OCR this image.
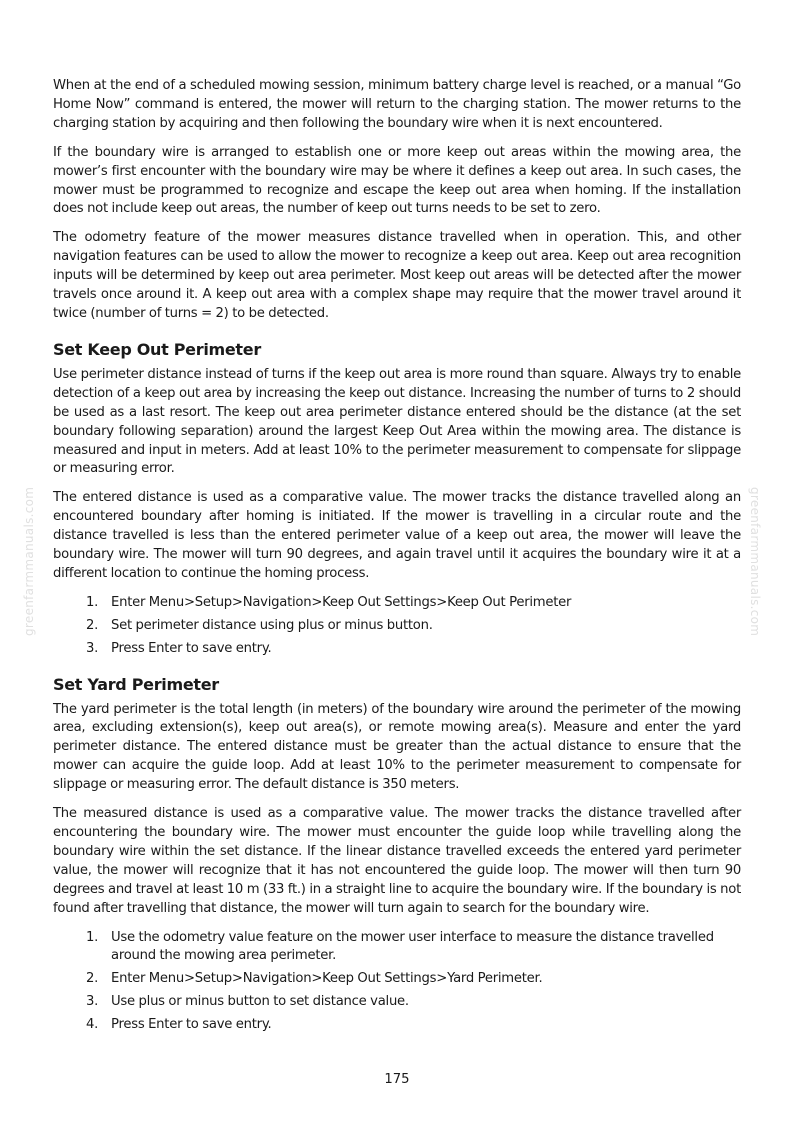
greenfarmmanuals.com	greenfarmmanuals.com

When at the end of a scheduled mowing session, minimum battery charge level is reached, or a manual “Go Home Now” command is entered, the mower will return to the charging station. The mower returns to the charging station by acquiring and then following the boundary wire when it is next encountered.

If the boundary wire is arranged to establish one or more keep out areas within the mowing area, the mower’s first encounter with the boundary wire may be where it defines a keep out area. In such cases, the mower must be programmed to recognize and escape the keep out area when homing. If the installation does not include keep out areas, the number of keep out turns needs to be set to zero.

The odometry feature of the mower measures distance travelled when in operation. This, and other navigation features can be used to allow the mower to recognize a keep out area. Keep out area recognition inputs will be determined by keep out area perimeter. Most keep out areas will be detected after the mower travels once around it. A keep out area with a complex shape may require that the mower travel around it twice (number of turns = 2) to be detected.

Set Keep Out Perimeter

Use perimeter distance instead of turns if the keep out area is more round than square. Always try to enable detection of a keep out area by increasing the keep out distance. Increasing the number of turns to 2 should be used as a last resort. The keep out area perimeter distance entered should be the distance (at the set boundary following separation) around the largest Keep Out Area within the mowing area. The distance is measured and input in meters. Add at least 10% to the perimeter measurement to compensate for slippage or measuring error.

The entered distance is used as a comparative value. The mower tracks the distance travelled along an encountered boundary after homing is initiated. If the mower is travelling in a circular route and the distance travelled is less than the entered perimeter value of a keep out area, the mower will leave the boundary wire. The mower will turn 90 degrees, and again travel until it acquires the boundary wire it at a different location to continue the homing process.

1. Enter Menu>Setup>Navigation>Keep Out Settings>Keep Out Perimeter
2. Set perimeter distance using plus or minus button.
3. Press Enter to save entry.
Set Yard Perimeter

The yard perimeter is the total length (in meters) of the boundary wire around the perimeter of the mowing area, excluding extension(s), keep out area(s), or remote mowing area(s). Measure and enter the yard perimeter distance. The entered distance must be greater than the actual distance to ensure that the mower can acquire the guide loop. Add at least 10% to the perimeter measurement to compensate for slippage or measuring error. The default distance is 350 meters.

The measured distance is used as a comparative value. The mower tracks the distance travelled after encountering the boundary wire. The mower must encounter the guide loop while travelling along the boundary wire within the set distance. If the linear distance travelled exceeds the entered yard perimeter value, the mower will recognize that it has not encountered the guide loop. The mower will then turn 90 degrees and travel at least 10 m (33 ft.) in a straight line to acquire the boundary wire. If the boundary is not found after travelling that distance, the mower will turn again to search for the boundary wire.

1. Use the odometry value feature on the mower user interface to measure the distance travelled around the mowing area perimeter.
2. Enter Menu>Setup>Navigation>Keep Out Settings>Yard Perimeter.
3. Use plus or minus button to set distance value.
4. Press Enter to save entry.
175
